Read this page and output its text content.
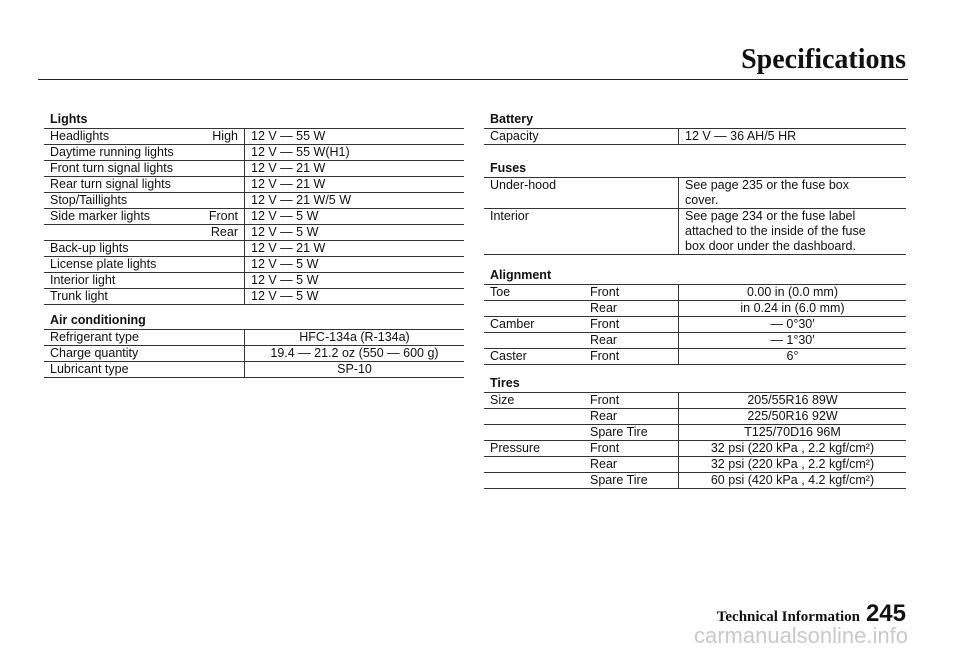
Specifications
Lights
Headlights High	12 V — 55 W
Daytime running lights	12 V — 55 W(H1)
Front turn signal lights	12 V — 21 W
Rear turn signal lights	12 V — 21 W
Stop/Taillights	12 V — 21 W/5 W
Side marker lights Front	12 V — 5 W

Rear	12 V — 5 W
Back-up lights	12 V — 21 W
License plate lights	12 V — 5 W
Interior light	12 V — 5 W
Trunk light	12 V — 5 W
Air conditioning
Refrigerant type	HFC-134a (R-134a)
Charge quantity	19.4 — 21.2 oz (550 — 600 g)
Lubricant type	SP-10
Battery
Capacity	12 V — 36 AH/5 HR
Fuses
Under-hood	See page 235 or the fuse box
cover.

Interior	See page 234 or the fuse label
attached to the inside of the fuse
box door under the dashboard.
Alignment
Toe Front	0.00 in (0.0 mm)
Rear	in 0.24 in (6.0 mm)
Camber Front	— 0°30′
Rear	— 1°30′
Caster Front	6°
Tires
Size Front	205/55R16 89W
Rear	225/50R16 92W
Spare Tire	T125/70D16 96M
Pressure Front	32 psi (220 kPa , 2.2 kgf/cm²)
Rear	32 psi (220 kPa , 2.2 kgf/cm²)
Spare Tire	60 psi (420 kPa , 4.2 kgf/cm²)
Technical Information 245
carmanualsonline.info
